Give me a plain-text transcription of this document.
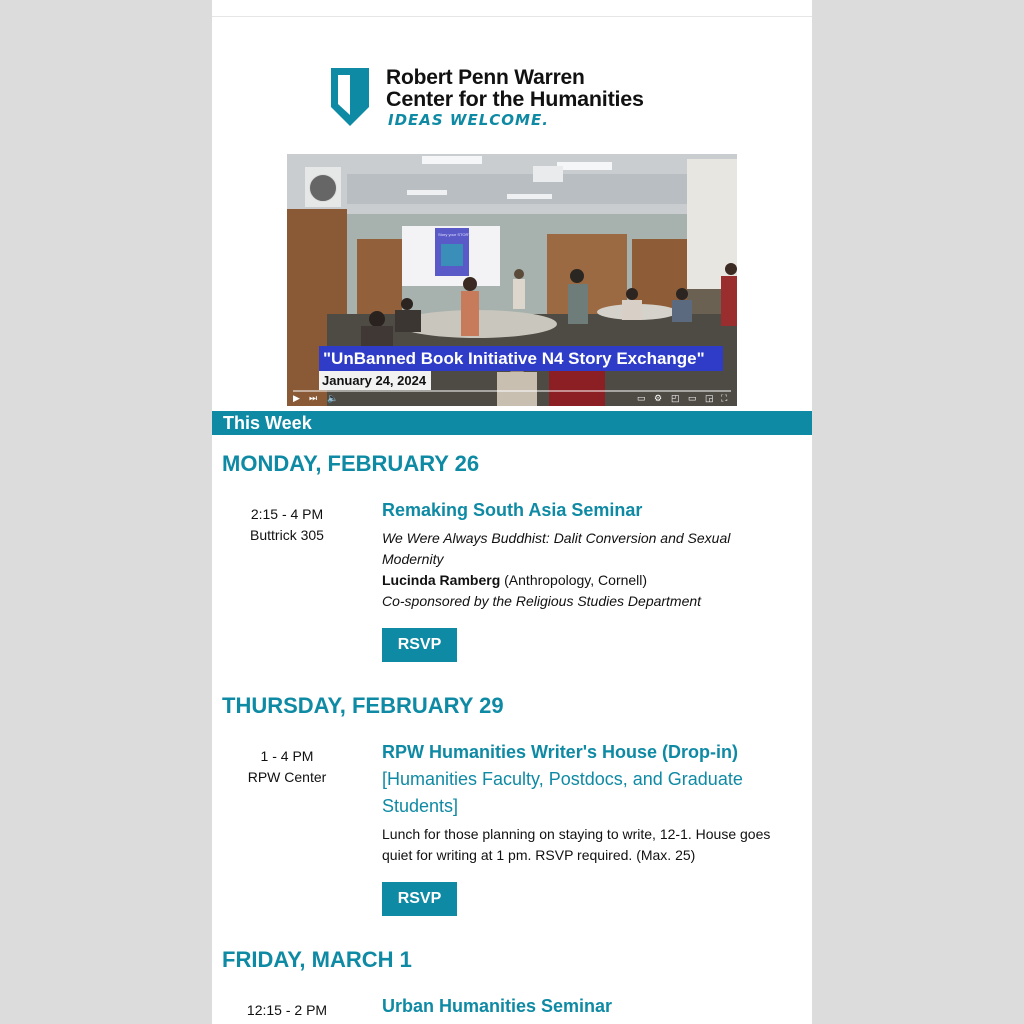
Robert Penn Warren
Center for the Humanities
IDEAS WELCOME.
Story your STORY
"UnBanned Book Initiative N4 Story Exchange"
January 24, 2024
▶ ⏭ 🔈	▭ ⚙ ◰ ▭ ◲ ⛶
This Week
MONDAY, FEBRUARY 26
2:15 - 4 PM
Buttrick 305
Remaking South Asia Seminar
We Were Always Buddhist: Dalit Conversion and Sexual Modernity
Lucinda Ramberg (Anthropology, Cornell)
Co-sponsored by the Religious Studies Department
RSVP
THURSDAY, FEBRUARY 29
1 - 4 PM
RPW Center
RPW Humanities Writer's House (Drop-in)
[Humanities Faculty, Postdocs, and Graduate Students]
Lunch for those planning on staying to write, 12-1. House goes quiet for writing at 1 pm. RSVP required. (Max. 25)
RSVP
FRIDAY, MARCH 1
12:15 - 2 PM	Urban Humanities Seminar
